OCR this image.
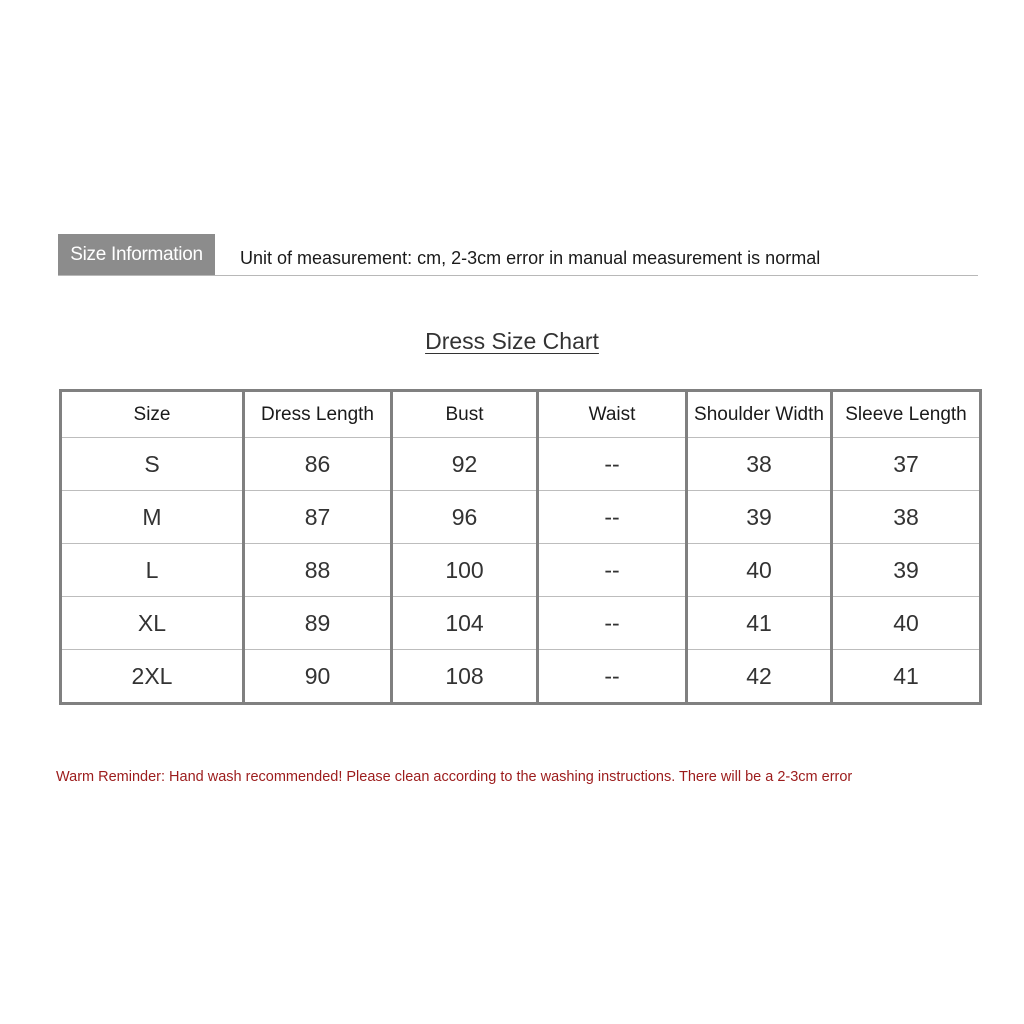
Size Information	Unit of measurement: cm, 2-3cm error in manual measurement is normal
Dress Size Chart
Size	Dress Length	Bust	Waist	Shoulder Width	Sleeve Length
S	86	92	--	38	37
M	87	96	--	39	38
L	88	100	--	40	39
XL	89	104	--	41	40
2XL	90	108	--	42	41
Warm Reminder: Hand wash recommended! Please clean according to the washing instructions. There will be a 2-3cm error
